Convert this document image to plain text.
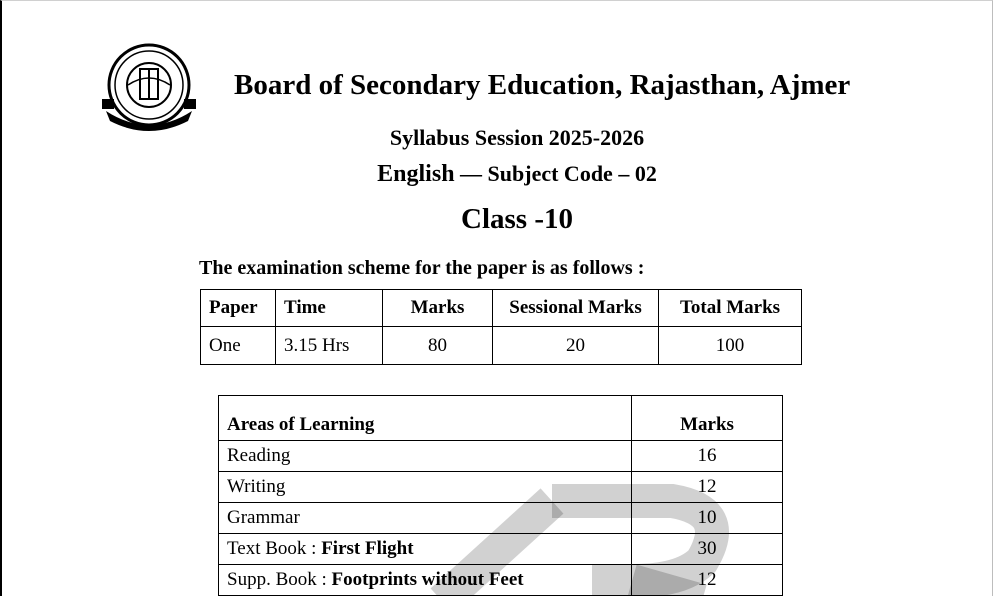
Board of Secondary Education, Rajasthan, Ajmer
Syllabus Session 2025-2026
English — Subject Code – 02
Class -10
The examination scheme for the paper is as follows :
Paper	Time	Marks	Sessional Marks	Total Marks
One	3.15 Hrs	80	20	100
Areas of Learning	Marks
Reading	16
Writing	12
Grammar	10
Text Book : First Flight	30
Supp. Book : Footprints without Feet	12
